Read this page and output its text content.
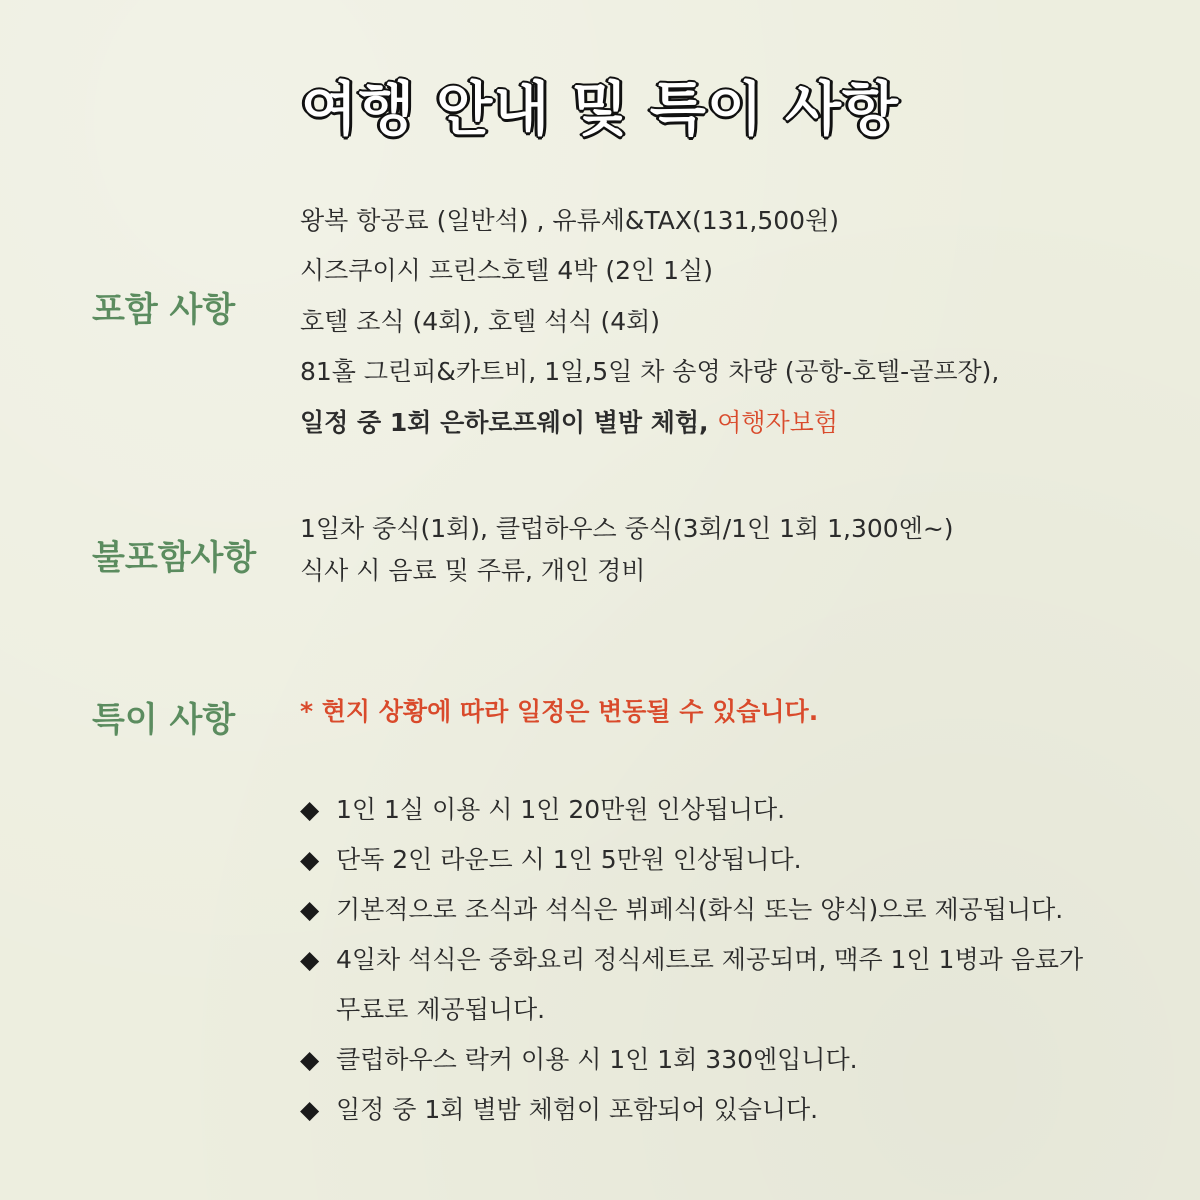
여행 안내 및 특이 사항
포함 사항
왕복 항공료 (일반석) , 유류세&TAX(131,500원)
시즈쿠이시 프린스호텔 4박 (2인 1실)
호텔 조식 (4회), 호텔 석식 (4회)
81홀 그린피&카트비, 1일,5일 차 송영 차량 (공항-호텔-골프장),
일정 중 1회 은하로프웨이 별밤 체험, 여행자보험
불포함사항
1일차 중식(1회), 클럽하우스 중식(3회/1인 1회 1,300엔~)
식사 시 음료 및 주류, 개인 경비
특이 사항	* 현지 상황에 따라 일정은 변동될 수 있습니다.
◆ 1인 1실 이용 시 1인 20만원 인상됩니다.
◆ 단독 2인 라운드 시 1인 5만원 인상됩니다.
◆ 기본적으로 조식과 석식은 뷔페식(화식 또는 양식)으로 제공됩니다.
◆ 4일차 석식은 중화요리 정식세트로 제공되며, 맥주 1인 1병과 음료가
무료로 제공됩니다.
◆ 클럽하우스 락커 이용 시 1인 1회 330엔입니다.
◆ 일정 중 1회 별밤 체험이 포함되어 있습니다.
